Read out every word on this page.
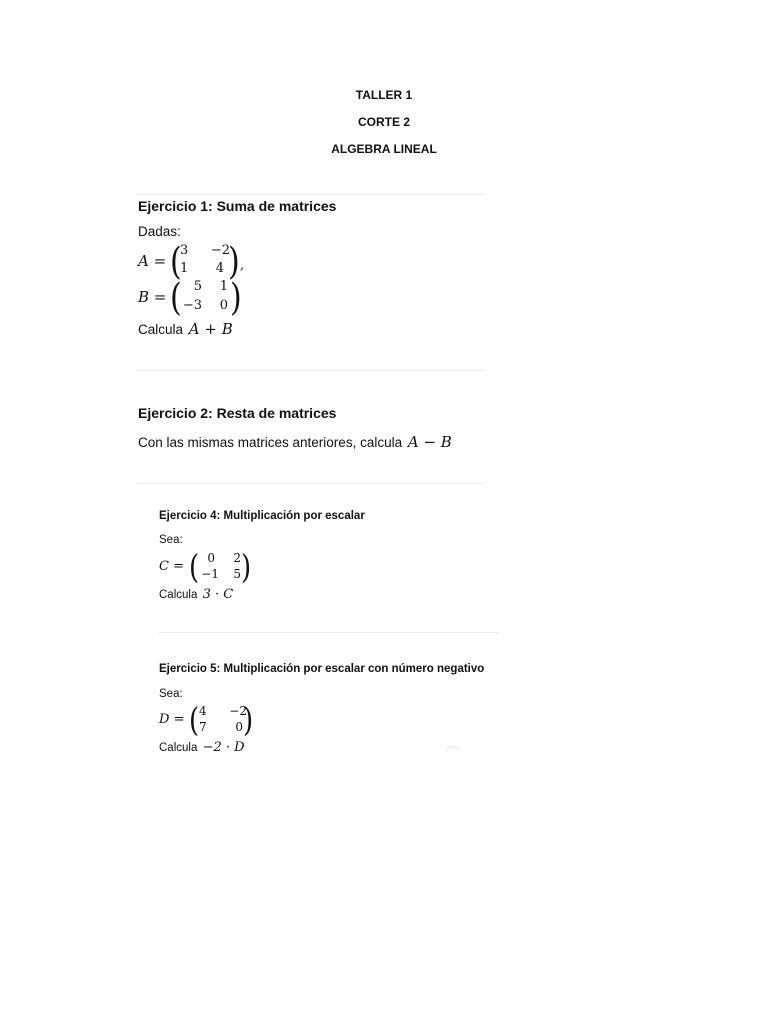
TALLER 1
CORTE 2
ALGEBRA LINEAL
Ejercicio 1: Suma de matrices
Dadas:
A = (
3	−2
1	4 ) ,
B = ( 5	1
−3	0 )
Calcula A + B
Ejercicio 2: Resta de matrices
Con las mismas matrices anteriores, calcula A − B
Ejercicio 4: Multiplicación por escalar
Sea:
C = ( 0	2
−1	5 )
Calcula 3 · C
Ejercicio 5: Multiplicación por escalar con número negativo
Sea:
D = ( 4	−2
7	0 )
Calcula −2 · D
